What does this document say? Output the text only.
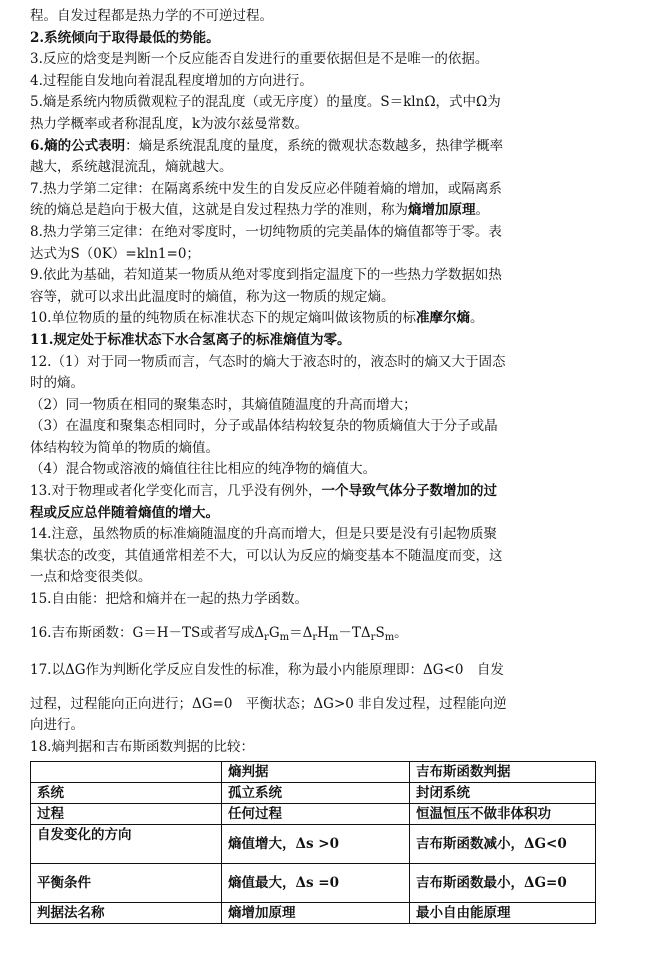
程。自发过程都是热力学的不可逆过程。

2.系统倾向于取得最低的势能。

3.反应的焓变是判断一个反应能否自发进行的重要依据但是不是唯一的依据。

4.过程能自发地向着混乱程度增加的方向进行。

5.熵是系统内物质微观粒子的混乱度（或无序度）的量度。S＝klnΩ，式中Ω为

热力学概率或者称混乱度，k为波尔兹曼常数。

6.熵的公式表明：熵是系统混乱度的量度，系统的微观状态数越多，热律学概率

越大，系统越混流乱，熵就越大。

7.热力学第二定律：在隔离系统中发生的自发反应必伴随着熵的增加，或隔离系

统的熵总是趋向于极大值，这就是自发过程热力学的准则，称为熵增加原理。

8.热力学第三定律：在绝对零度时，一切纯物质的完美晶体的熵值都等于零。表

达式为S（0K）=kln1=0；

9.依此为基础，若知道某一物质从绝对零度到指定温度下的一些热力学数据如热

容等，就可以求出此温度时的熵值，称为这一物质的规定熵。

10.单位物质的量的纯物质在标准状态下的规定熵叫做该物质的标准摩尔熵。

11.规定处于标准状态下水合氢离子的标准熵值为零。

12.（1）对于同一物质而言，气态时的熵大于液态时的，液态时的熵又大于固态

时的熵。

（2）同一物质在相同的聚集态时，其熵值随温度的升高而增大；

（3）在温度和聚集态相同时，分子或晶体结构较复杂的物质熵值大于分子或晶

体结构较为简单的物质的熵值。

（4）混合物或溶液的熵值往往比相应的纯净物的熵值大。

13.对于物理或者化学变化而言，几乎没有例外，一个导致气体分子数增加的过

程或反应总伴随着熵值的增大。

14.注意，虽然物质的标准熵随温度的升高而增大，但是只要是没有引起物质聚

集状态的改变，其值通常相差不大，可以认为反应的熵变基本不随温度而变，这

一点和焓变很类似。

15.自由能：把焓和熵并在一起的热力学函数。

16.吉布斯函数：G＝H－TS或者写成$\Delta_rG_m=\Delta_rH_m-T\Delta_rS_m$。

17.以ΔG作为判断化学反应自发性的标准，称为最小内能原理即：ΔG<0　自发

过程，过程能向正向进行；ΔG=0　平衡状态；ΔG>0 非自发过程，过程能向逆

向进行。

18.熵判据和吉布斯函数判据的比较：

	熵判据	吉布斯函数判据
系统	孤立系统	封闭系统
过程	任何过程	恒温恒压不做非体积功
自发变化的方向	熵值增大，Δs >0	吉布斯函数减小，ΔG<0
平衡条件	熵值最大，Δs =0	吉布斯函数最小，ΔG=0
判据法名称	熵增加原理	最小自由能原理
